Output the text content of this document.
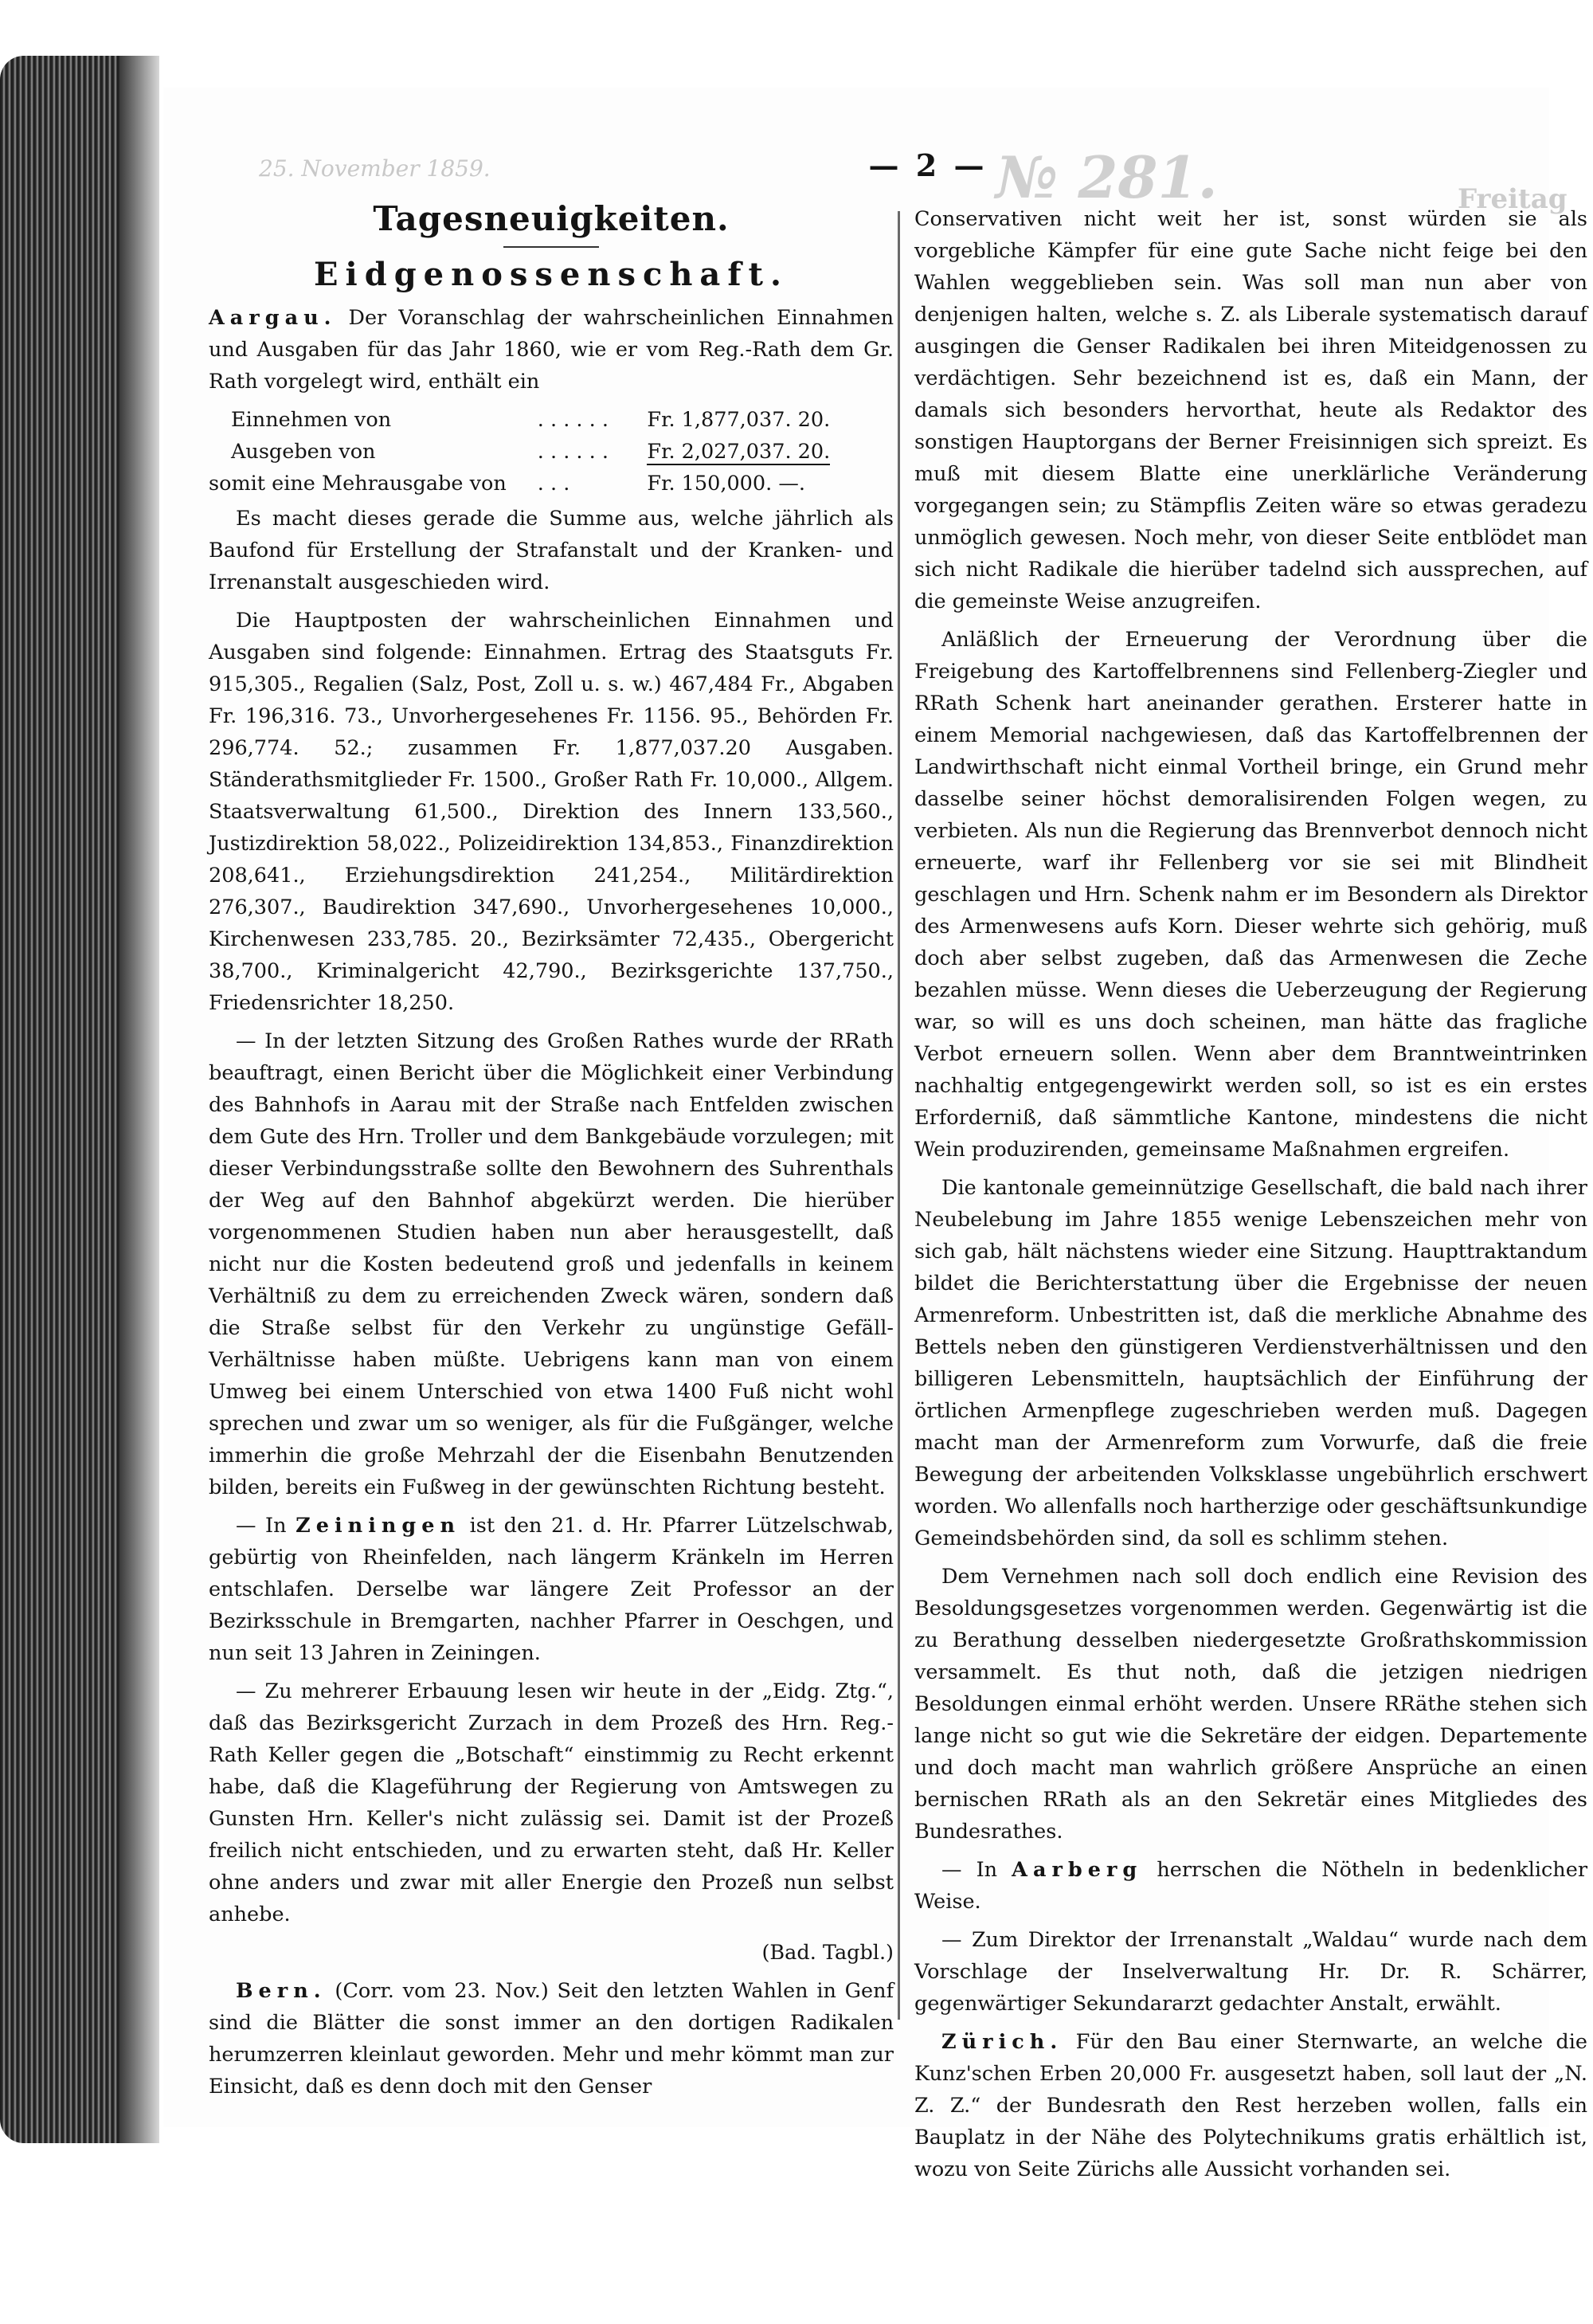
25. November 1859.	№ 281.	Freitag
— 2 —
Tagesneuigkeiten.
Eidgenossenschaft.

Aargau. Der Voranschlag der wahrscheinlichen Einnahmen und Ausgaben für das Jahr 1860, wie er vom Reg.-Rath dem Gr. Rath vorgelegt wird, enthält ein

Einnehmen von	. . . . . .	Fr. 1,877,037. 20.
Ausgeben von	. . . . . .	Fr. 2,027,037. 20.
somit eine Mehrausgabe von	. . .	Fr. 150,000. —.

Es macht dieses gerade die Summe aus, welche jährlich als Baufond für Erstellung der Strafanstalt und der Kranken- und Irrenanstalt ausgeschieden wird.

Die Hauptposten der wahrscheinlichen Einnahmen und Ausgaben sind folgende: Einnahmen. Ertrag des Staatsguts Fr. 915,305., Regalien (Salz, Post, Zoll u. s. w.) 467,484 Fr., Abgaben Fr. 196,316. 73., Unvorhergesehenes Fr. 1156. 95., Behörden Fr. 296,774. 52.; zusammen Fr. 1,877,037.20 Ausgaben. Ständerathsmitglieder Fr. 1500., Großer Rath Fr. 10,000., Allgem. Staatsverwaltung 61,500., Direktion des Innern 133,560., Justizdirektion 58,022., Polizeidirektion 134,853., Finanzdirektion 208,641., Erziehungsdirektion 241,254., Militärdirektion 276,307., Baudirektion 347,690., Unvorhergesehenes 10,000., Kirchenwesen 233,785. 20., Bezirksämter 72,435., Obergericht 38,700., Kriminalgericht 42,790., Bezirksgerichte 137,750., Friedensrichter 18,250.

— In der letzten Sitzung des Großen Rathes wurde der RRath beauftragt, einen Bericht über die Möglichkeit einer Verbindung des Bahnhofs in Aarau mit der Straße nach Entfelden zwischen dem Gute des Hrn. Troller und dem Bankgebäude vorzulegen; mit dieser Verbindungsstraße sollte den Bewohnern des Suhrenthals der Weg auf den Bahnhof abgekürzt werden. Die hierüber vorgenommenen Studien haben nun aber herausgestellt, daß nicht nur die Kosten bedeutend groß und jedenfalls in keinem Verhältniß zu dem zu erreichenden Zweck wären, sondern daß die Straße selbst für den Verkehr zu ungünstige Gefäll-Verhältnisse haben müßte. Uebrigens kann man von einem Umweg bei einem Unterschied von etwa 1400 Fuß nicht wohl sprechen und zwar um so weniger, als für die Fußgänger, welche immerhin die große Mehrzahl der die Eisenbahn Benutzenden bilden, bereits ein Fußweg in der gewünschten Richtung besteht.

— In Zeiningen ist den 21. d. Hr. Pfarrer Lützelschwab, gebürtig von Rheinfelden, nach längerm Kränkeln im Herren entschlafen. Derselbe war längere Zeit Professor an der Bezirksschule in Bremgarten, nachher Pfarrer in Oeschgen, und nun seit 13 Jahren in Zeiningen.

— Zu mehrerer Erbauung lesen wir heute in der „Eidg. Ztg.“, daß das Bezirksgericht Zurzach in dem Prozeß des Hrn. Reg.-Rath Keller gegen die „Botschaft“ einstimmig zu Recht erkennt habe, daß die Klageführung der Regierung von Amtswegen zu Gunsten Hrn. Keller's nicht zulässig sei. Damit ist der Prozeß freilich nicht entschieden, und zu erwarten steht, daß Hr. Keller ohne anders und zwar mit aller Energie den Prozeß nun selbst anhebe.

(Bad. Tagbl.)

Bern. (Corr. vom 23. Nov.) Seit den letzten Wahlen in Genf sind die Blätter die sonst immer an den dortigen Radikalen herumzerren kleinlaut geworden. Mehr und mehr kömmt man zur Einsicht, daß es denn doch mit den Genser

Conservativen nicht weit her ist, sonst würden sie als vorgebliche Kämpfer für eine gute Sache nicht feige bei den Wahlen weggeblieben sein. Was soll man nun aber von denjenigen halten, welche s. Z. als Liberale systematisch darauf ausgingen die Genser Radikalen bei ihren Miteidgenossen zu verdächtigen. Sehr bezeichnend ist es, daß ein Mann, der damals sich besonders hervorthat, heute als Redaktor des sonstigen Hauptorgans der Berner Freisinnigen sich spreizt. Es muß mit diesem Blatte eine unerklärliche Veränderung vorgegangen sein; zu Stämpflis Zeiten wäre so etwas geradezu unmöglich gewesen. Noch mehr, von dieser Seite entblödet man sich nicht Radikale die hierüber tadelnd sich aussprechen, auf die gemeinste Weise anzugreifen.

Anläßlich der Erneuerung der Verordnung über die Freigebung des Kartoffelbrennens sind Fellenberg-Ziegler und RRath Schenk hart aneinander gerathen. Ersterer hatte in einem Memorial nachgewiesen, daß das Kartoffelbrennen der Landwirthschaft nicht einmal Vortheil bringe, ein Grund mehr dasselbe seiner höchst demoralisirenden Folgen wegen, zu verbieten. Als nun die Regierung das Brennverbot dennoch nicht erneuerte, warf ihr Fellenberg vor sie sei mit Blindheit geschlagen und Hrn. Schenk nahm er im Besondern als Direktor des Armenwesens aufs Korn. Dieser wehrte sich gehörig, muß doch aber selbst zugeben, daß das Armenwesen die Zeche bezahlen müsse. Wenn dieses die Ueberzeugung der Regierung war, so will es uns doch scheinen, man hätte das fragliche Verbot erneuern sollen. Wenn aber dem Branntweintrinken nachhaltig entgegengewirkt werden soll, so ist es ein erstes Erforderniß, daß sämmtliche Kantone, mindestens die nicht Wein produzirenden, gemeinsame Maßnahmen ergreifen.

Die kantonale gemeinnützige Gesellschaft, die bald nach ihrer Neubelebung im Jahre 1855 wenige Lebenszeichen mehr von sich gab, hält nächstens wieder eine Sitzung. Haupttraktandum bildet die Berichterstattung über die Ergebnisse der neuen Armenreform. Unbestritten ist, daß die merkliche Abnahme des Bettels neben den günstigeren Verdienstverhältnissen und den billigeren Lebensmitteln, hauptsächlich der Einführung der örtlichen Armenpflege zugeschrieben werden muß. Dagegen macht man der Armenreform zum Vorwurfe, daß die freie Bewegung der arbeitenden Volksklasse ungebührlich erschwert worden. Wo allenfalls noch hartherzige oder geschäftsunkundige Gemeindsbehörden sind, da soll es schlimm stehen.

Dem Vernehmen nach soll doch endlich eine Revision des Besoldungsgesetzes vorgenommen werden. Gegenwärtig ist die zu Berathung desselben niedergesetzte Großrathskommission versammelt. Es thut noth, daß die jetzigen niedrigen Besoldungen einmal erhöht werden. Unsere RRäthe stehen sich lange nicht so gut wie die Sekretäre der eidgen. Departemente und doch macht man wahrlich größere Ansprüche an einen bernischen RRath als an den Sekretär eines Mitgliedes des Bundesrathes.

— In Aarberg herrschen die Nötheln in bedenklicher Weise.

— Zum Direktor der Irrenanstalt „Waldau“ wurde nach dem Vorschlage der Inselverwaltung Hr. Dr. R. Schärrer, gegenwärtiger Sekundararzt gedachter Anstalt, erwählt.

Zürich. Für den Bau einer Sternwarte, an welche die Kunz'schen Erben 20,000 Fr. ausgesetzt haben, soll laut der „N. Z. Z.“ der Bundesrath den Rest herzeben wollen, falls ein Bauplatz in der Nähe des Polytechnikums gratis erhältlich ist, wozu von Seite Zürichs alle Aussicht vorhanden sei.
